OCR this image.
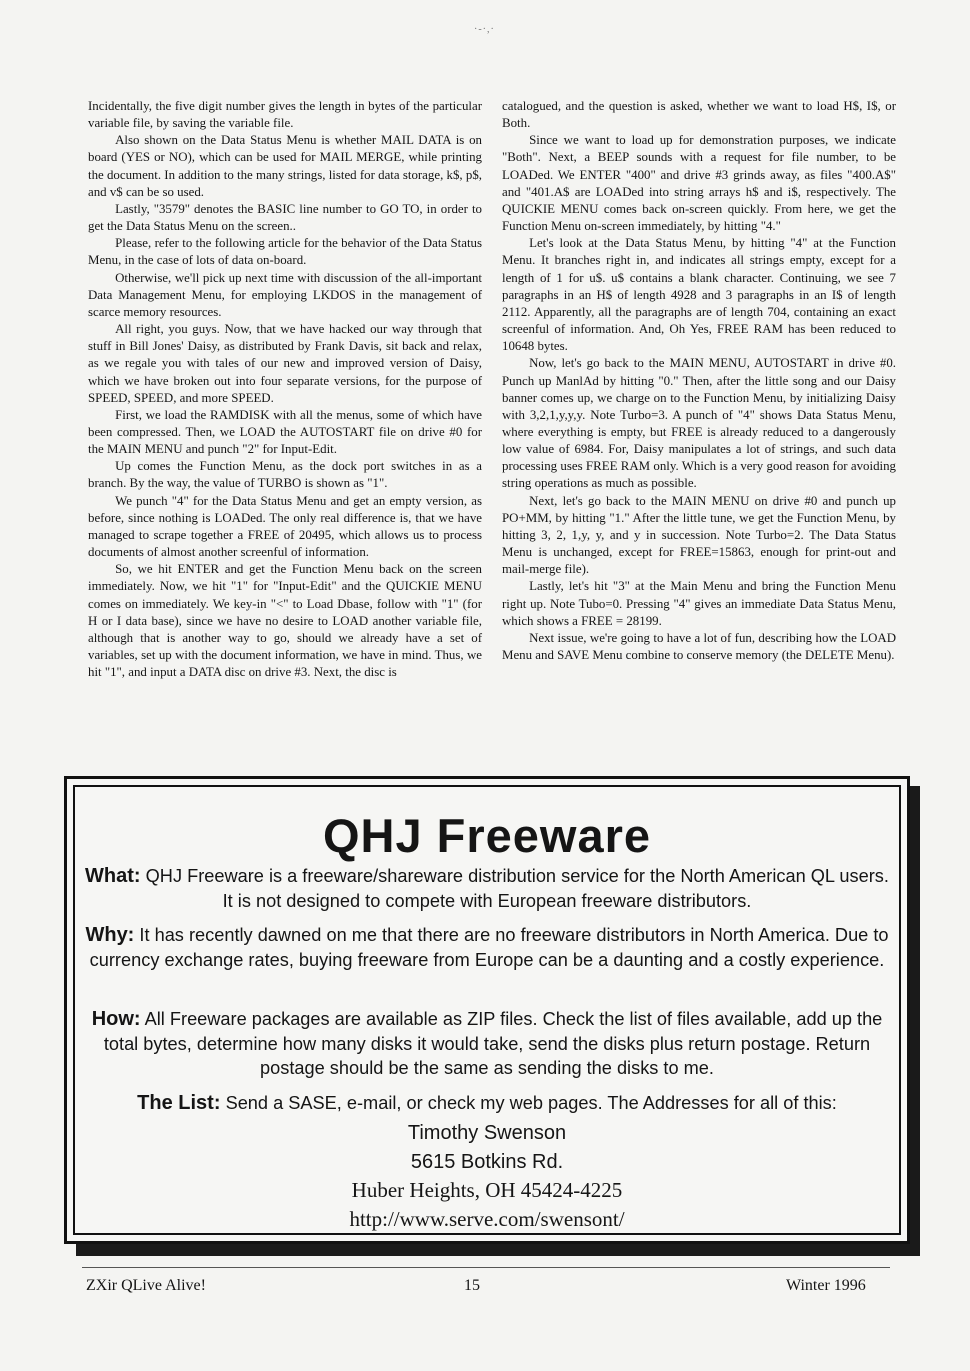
·-·,·

Incidentally, the five digit number gives the length in bytes of the particular variable file, by saving the variable file.

Also shown on the Data Status Menu is whether MAIL DATA is on board (YES or NO), which can be used for MAIL MERGE, while printing the document. In addition to the many strings, listed for data storage, k$, p$, and v$ can be so used.

Lastly, "3579" denotes the BASIC line number to GO TO, in order to get the Data Status Menu on the screen..

Please, refer to the following article for the behavior of the Data Status Menu, in the case of lots of data on-board.

Otherwise, we'll pick up next time with discussion of the all-important Data Management Menu, for employing LKDOS in the management of scarce memory resources.

All right, you guys. Now, that we have hacked our way through that stuff in Bill Jones' Daisy, as distributed by Frank Davis, sit back and relax, as we regale you with tales of our new and improved version of Daisy, which we have broken out into four separate versions, for the purpose of SPEED, SPEED, and more SPEED.

First, we load the RAMDISK with all the menus, some of which have been compressed. Then, we LOAD the AUTOSTART file on drive #0 for the MAIN MENU and punch "2" for Input-Edit.

Up comes the Function Menu, as the dock port switches in as a branch. By the way, the value of TURBO is shown as "1".

We punch "4" for the Data Status Menu and get an empty version, as before, since nothing is LOADed. The only real difference is, that we have managed to scrape together a FREE of 20495, which allows us to process documents of almost another screenful of information.

So, we hit ENTER and get the Function Menu back on the screen immediately. Now, we hit "1" for "Input-Edit" and the QUICKIE MENU comes on immediately. We key-in "<" to Load Dbase, follow with "1" (for H or I data base), since we have no desire to LOAD another variable file, although that is another way to go, should we already have a set of variables, set up with the document information, we have in mind. Thus, we hit "1", and input a DATA disc on drive #3. Next, the disc is

catalogued, and the question is asked, whether we want to load H$, I$, or Both.

Since we want to load up for demonstration purposes, we indicate "Both". Next, a BEEP sounds with a request for file number, to be LOADed. We ENTER "400" and drive #3 grinds away, as files "400.A$" and "401.A$ are LOADed into string arrays h$ and i$, respectively. The QUICKIE MENU comes back on-screen quickly. From here, we get the Function Menu on-screen immediately, by hitting "4."

Let's look at the Data Status Menu, by hitting "4" at the Function Menu. It branches right in, and indicates all strings empty, except for a length of 1 for u$. u$ contains a blank character. Continuing, we see 7 paragraphs in an H$ of length 4928 and 3 paragraphs in an I$ of length 2112. Apparently, all the paragraphs are of length 704, containing an exact screenful of information. And, Oh Yes, FREE RAM has been reduced to 10648 bytes.

Now, let's go back to the MAIN MENU, AUTOSTART in drive #0. Punch up ManlAd by hitting "0." Then, after the little song and our Daisy banner comes up, we charge on to the Function Menu, by initializing Daisy with 3,2,1,y,y,y. Note Turbo=3. A punch of "4" shows Data Status Menu, where everything is empty, but FREE is already reduced to a dangerously low value of 6984. For, Daisy manipulates a lot of strings, and such data processing uses FREE RAM only. Which is a very good reason for avoiding string operations as much as possible.

Next, let's go back to the MAIN MENU on drive #0 and punch up PO+MM, by hitting "1." After the little tune, we get the Function Menu, by hitting 3, 2, 1,y, y, and y in succession. Note Turbo=2. The Data Status Menu is unchanged, except for FREE=15863, enough for print-out and mail-merge file).

Lastly, let's hit "3" at the Main Menu and bring the Function Menu right up. Note Tubo=0. Pressing "4" gives an immediate Data Status Menu, which shows a FREE = 28199.

Next issue, we're going to have a lot of fun, describing how the LOAD Menu and SAVE Menu combine to conserve memory (the DELETE Menu).

QHJ Freeware
What: QHJ Freeware is a freeware/shareware distribution service for the North American QL users. It is not designed to compete with European freeware distributors.
Why: It has recently dawned on me that there are no freeware distributors in North America. Due to currency exchange rates, buying freeware from Europe can be a daunting and a costly experience.
How: All Freeware packages are available as ZIP files. Check the list of files available, add up the total bytes, determine how many disks it would take, send the disks plus return postage. Return postage should be the same as sending the disks to me.
The List: Send a SASE, e-mail, or check my web pages. The Addresses for all of this:
Timothy Swenson
5615 Botkins Rd.
Huber Heights, OH 45424-4225
http://www.serve.com/swensont/
ZXir QLive Alive!	15	Winter 1996
